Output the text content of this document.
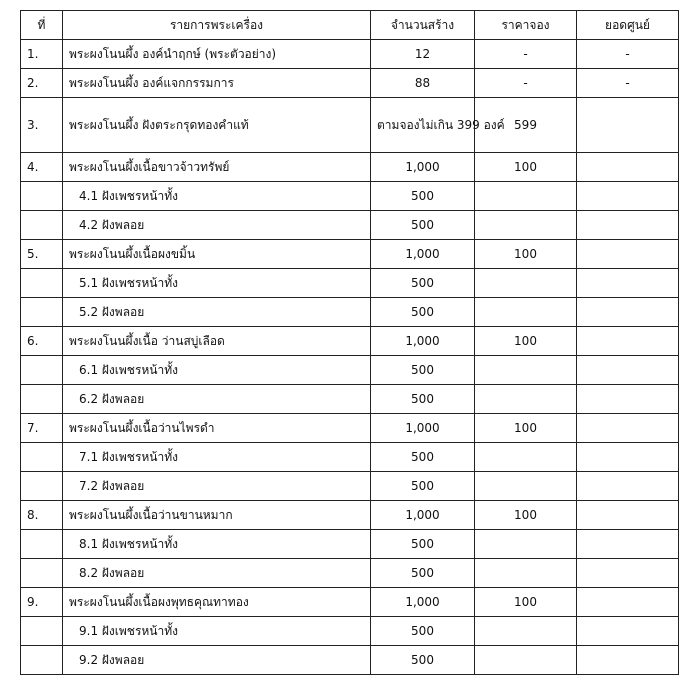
ที่	รายการพระเครื่อง	จำนวนสร้าง	ราคาจอง	ยอดศูนย์
1.	พระผงโนนผึ้ง องค์นำฤกษ์ (พระตัวอย่าง)	12	-	-
2.	พระผงโนนผึ้ง องค์แจกกรรมการ	88	-	-
3.	พระผงโนนผึ้ง ฝังตระกรุดทองคำแท้	ตามจองไม่เกิน 399 องค์	599	
4.	พระผงโนนผึ้งเนื้อขาวจ้าวทรัพย์	1,000	100	
	4.1 ฝังเพชรหน้าทั้ง	500		
	4.2 ฝังพลอย	500		
5.	พระผงโนนผึ้งเนื้อผงขมิ้น	1,000	100	
	5.1 ฝังเพชรหน้าทั้ง	500		
	5.2 ฝังพลอย	500		
6.	พระผงโนนผึ้งเนื้อ ว่านสบู่เลือด	1,000	100	
	6.1 ฝังเพชรหน้าทั้ง	500		
	6.2 ฝังพลอย	500		
7.	พระผงโนนผึ้งเนื้อว่านไพรดำ	1,000	100	
	7.1 ฝังเพชรหน้าทั้ง	500		
	7.2 ฝังพลอย	500		
8.	พระผงโนนผึ้งเนื้อว่านขานหมาก	1,000	100	
	8.1 ฝังเพชรหน้าทั้ง	500		
	8.2 ฝังพลอย	500		
9.	พระผงโนนผึ้งเนื้อผงพุทธคุณทาทอง	1,000	100	
	9.1 ฝังเพชรหน้าทั้ง	500		
	9.2 ฝังพลอย	500		
